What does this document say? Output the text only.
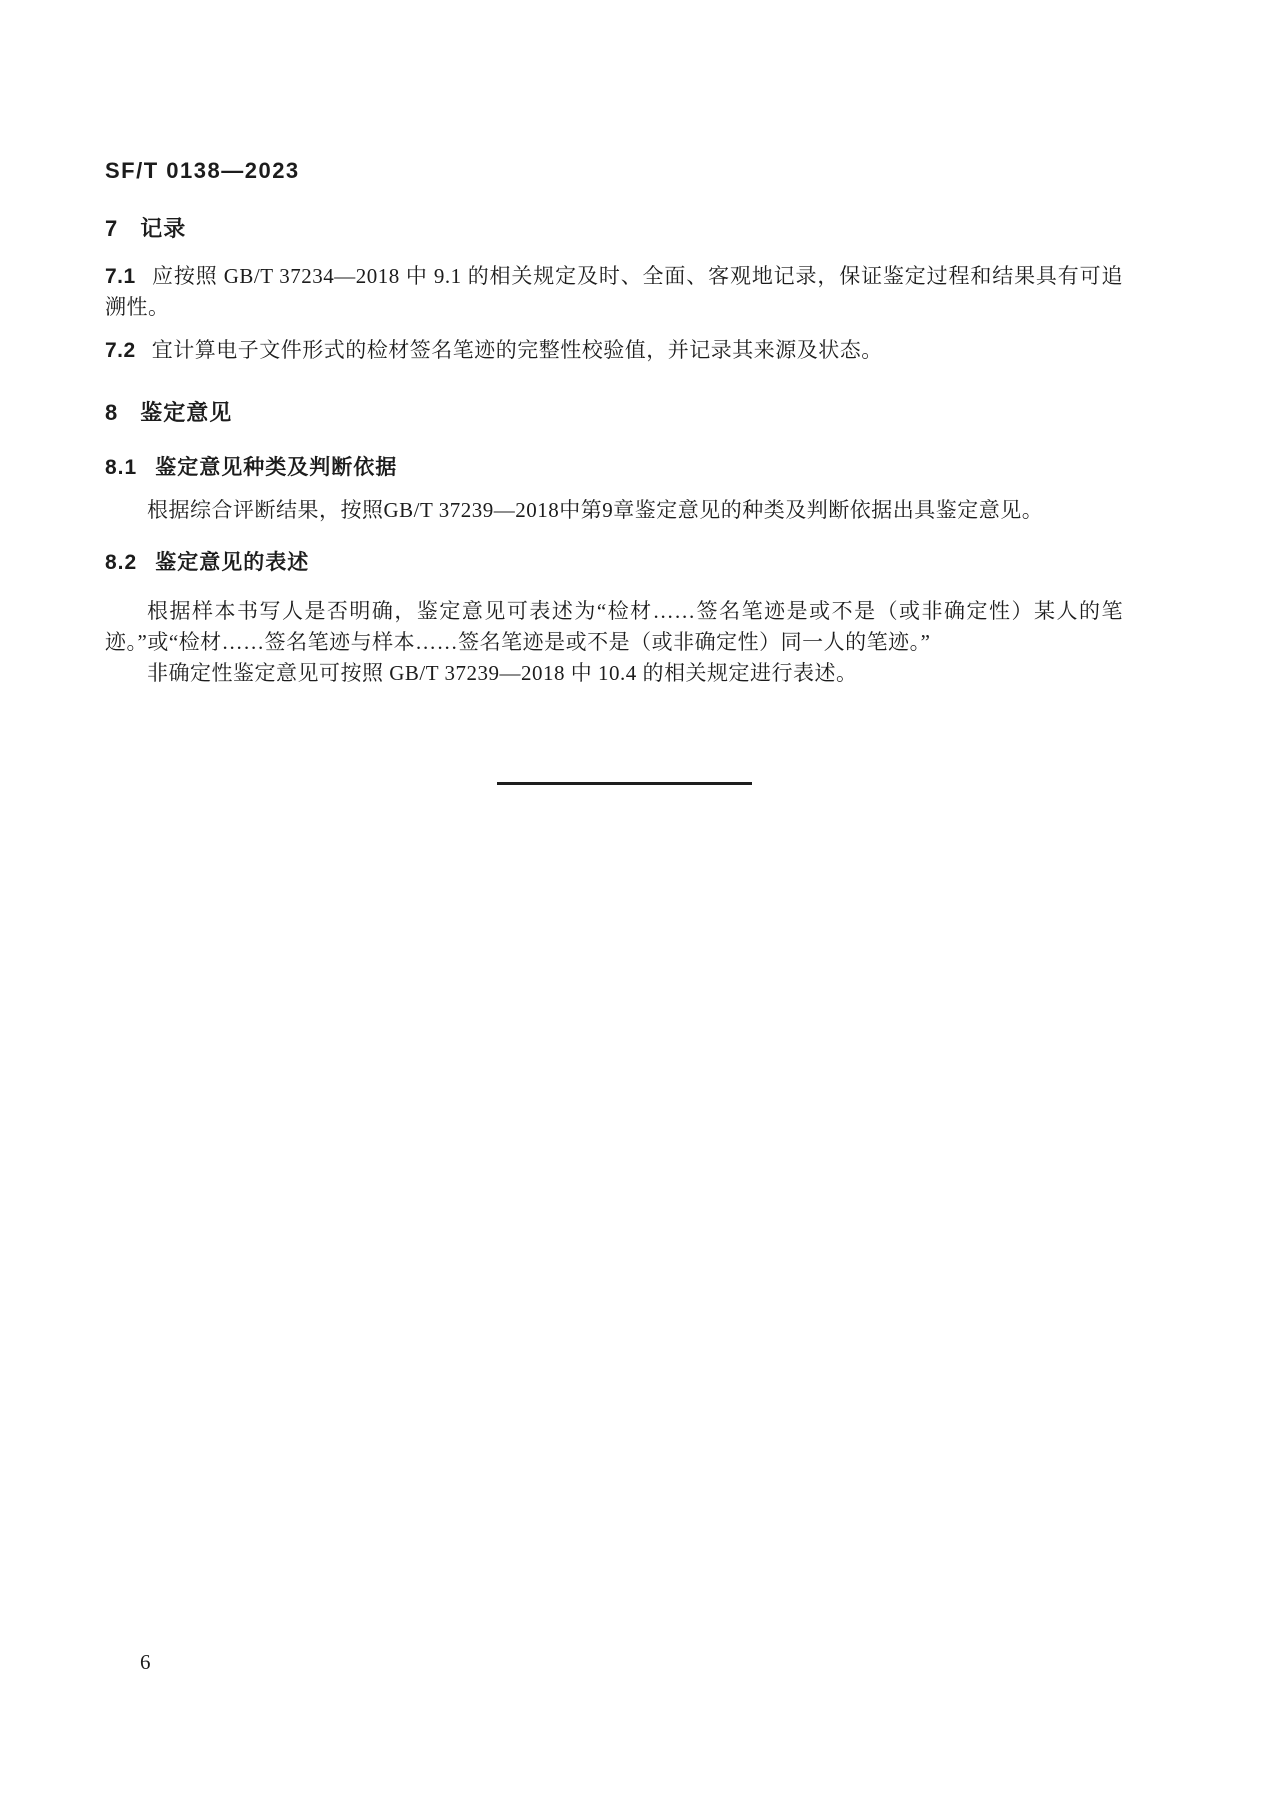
SF/T 0138—2023
7 记录
7.1 应按照 GB/T 37234—2018 中 9.1 的相关规定及时、全面、客观地记录，保证鉴定过程和结果具有可追溯性。
7.2 宜计算电子文件形式的检材签名笔迹的完整性校验值，并记录其来源及状态。
8 鉴定意见
8.1 鉴定意见种类及判断依据
根据综合评断结果，按照GB/T 37239—2018中第9章鉴定意见的种类及判断依据出具鉴定意见。
8.2 鉴定意见的表述
根据样本书写人是否明确，鉴定意见可表述为“检材……签名笔迹是或不是（或非确定性）某人的笔迹。”或“检材……签名笔迹与样本……签名笔迹是或不是（或非确定性）同一人的笔迹。”
非确定性鉴定意见可按照 GB/T 37239—2018 中 10.4 的相关规定进行表述。
6
